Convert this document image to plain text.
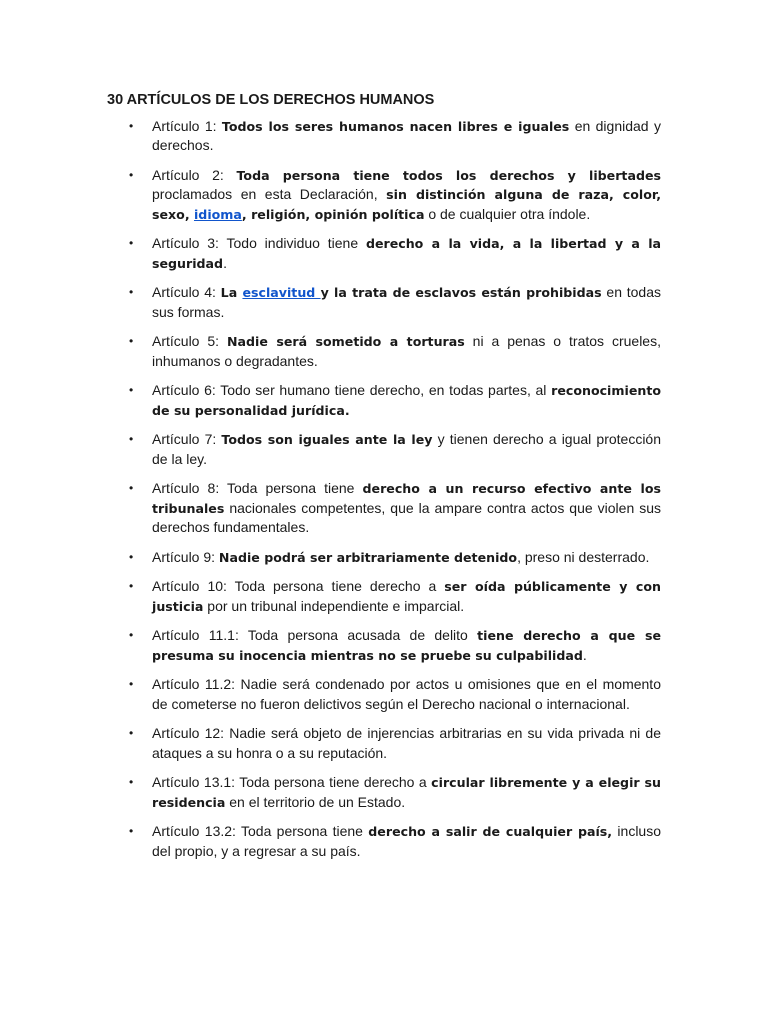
30 ARTÍCULOS DE LOS DERECHOS HUMANOS
• Artículo 1: Todos los seres humanos nacen libres e iguales en dignidad y derechos.
• Artículo 2: Toda persona tiene todos los derechos y libertades proclamados en esta Declaración, sin distinción alguna de raza, color, sexo, idioma, religión, opinión política o de cualquier otra índole.
• Artículo 3: Todo individuo tiene derecho a la vida, a la libertad y a la seguridad.
• Artículo 4: La esclavitud y la trata de esclavos están prohibidas en todas sus formas.
• Artículo 5: Nadie será sometido a torturas ni a penas o tratos crueles, inhumanos o degradantes.
• Artículo 6: Todo ser humano tiene derecho, en todas partes, al reconocimiento de su personalidad jurídica.
• Artículo 7: Todos son iguales ante la ley y tienen derecho a igual protección de la ley.
• Artículo 8: Toda persona tiene derecho a un recurso efectivo ante los tribunales nacionales competentes, que la ampare contra actos que violen sus derechos fundamentales.
• Artículo 9: Nadie podrá ser arbitrariamente detenido, preso ni desterrado.
• Artículo 10: Toda persona tiene derecho a ser oída públicamente y con justicia por un tribunal independiente e imparcial.
• Artículo 11.1: Toda persona acusada de delito tiene derecho a que se presuma su inocencia mientras no se pruebe su culpabilidad.
• Artículo 11.2: Nadie será condenado por actos u omisiones que en el momento de cometerse no fueron delictivos según el Derecho nacional o internacional.
• Artículo 12: Nadie será objeto de injerencias arbitrarias en su vida privada ni de ataques a su honra o a su reputación.
• Artículo 13.1: Toda persona tiene derecho a circular libremente y a elegir su residencia en el territorio de un Estado.
• Artículo 13.2: Toda persona tiene derecho a salir de cualquier país, incluso del propio, y a regresar a su país.
